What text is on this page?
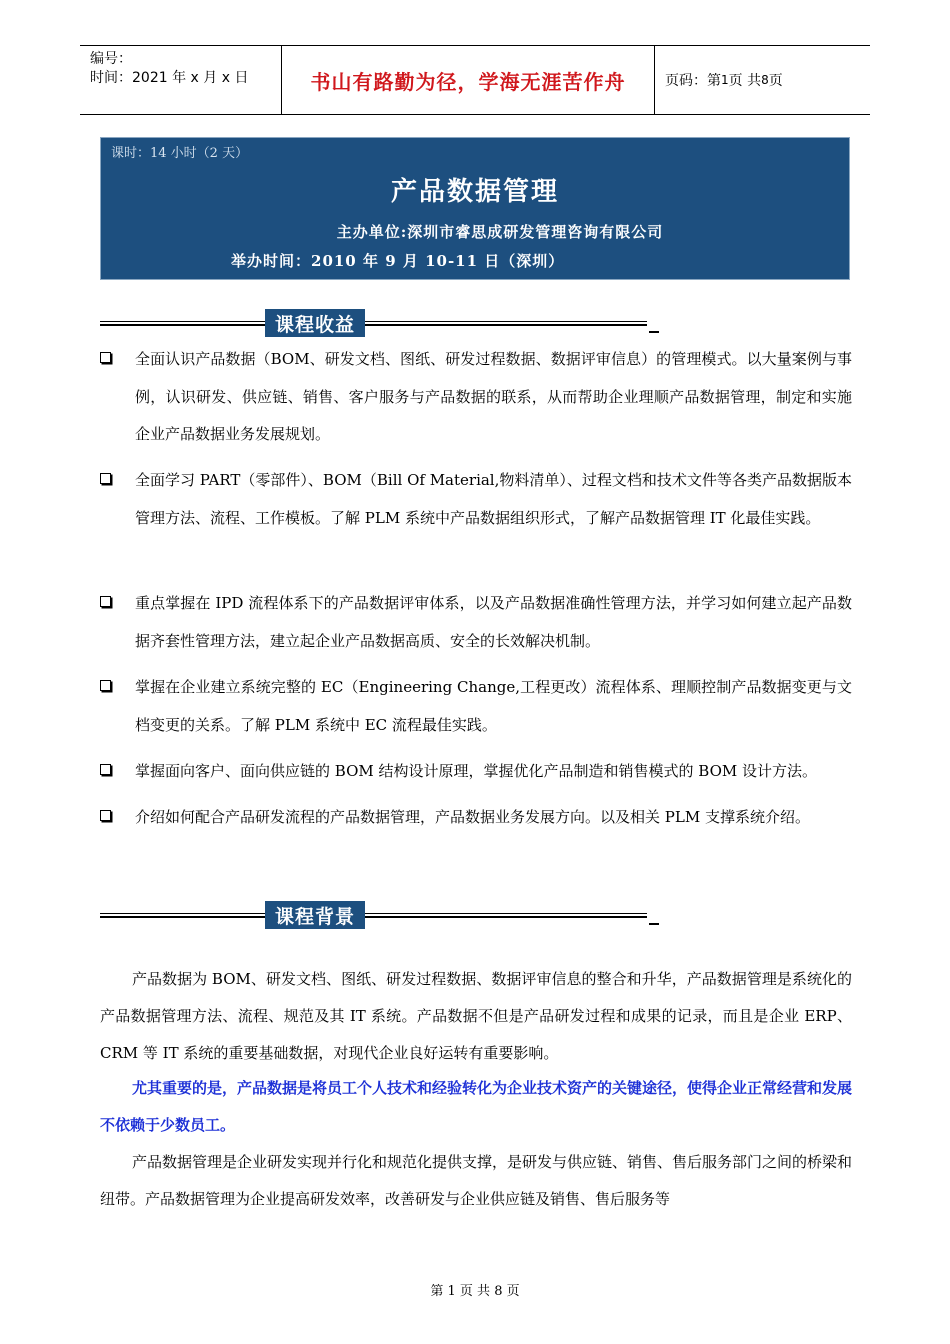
编号：
时间：2021 年 x 月 x 日	书山有路勤为径，学海无涯苦作舟	页码：第 1 页 共 8 页
课时：14 小时（2 天）
产品数据管理
主办单位:深圳市睿思成研发管理咨询有限公司
举办时间：2010 年 9 月 10-11 日（深圳）
课程收益
全面认识产品数据（BOM、研发文档、图纸、研发过程数据、数据评审信息）的管理模式。以大量案例与事例，认识研发、供应链、销售、客户服务与产品数据的联系，从而帮助企业理顺产品数据管理，制定和实施企业产品数据业务发展规划。
全面学习 PART（零部件）、BOM（Bill Of Material,物料清单）、过程文档和技术文件等各类产品数据版本管理方法、流程、工作模板。了解 PLM 系统中产品数据组织形式，了解产品数据管理 IT 化最佳实践。
重点掌握在 IPD 流程体系下的产品数据评审体系，以及产品数据准确性管理方法，并学习如何建立起产品数据齐套性管理方法，建立起企业产品数据高质、安全的长效解决机制。
掌握在企业建立系统完整的 EC（Engineering Change,工程更改）流程体系、理顺控制产品数据变更与文档变更的关系。了解 PLM 系统中 EC 流程最佳实践。
掌握面向客户、面向供应链的 BOM 结构设计原理，掌握优化产品制造和销售模式的 BOM 设计方法。
介绍如何配合产品研发流程的产品数据管理，产品数据业务发展方向。以及相关 PLM 支撑系统介绍。
课程背景
产品数据为 BOM、研发文档、图纸、研发过程数据、数据评审信息的整合和升华，产品数据管理是系统化的产品数据管理方法、流程、规范及其 IT 系统。产品数据不但是产品研发过程和成果的记录，而且是企业 ERP、CRM 等 IT 系统的重要基础数据，对现代企业良好运转有重要影响。
尤其重要的是，产品数据是将员工个人技术和经验转化为企业技术资产的关键途径，使得企业正常经营和发展不依赖于少数员工。
产品数据管理是企业研发实现并行化和规范化提供支撑，是研发与供应链、销售、售后服务部门之间的桥梁和纽带。产品数据管理为企业提高研发效率，改善研发与企业供应链及销售、售后服务等
第 1 页 共 8 页
